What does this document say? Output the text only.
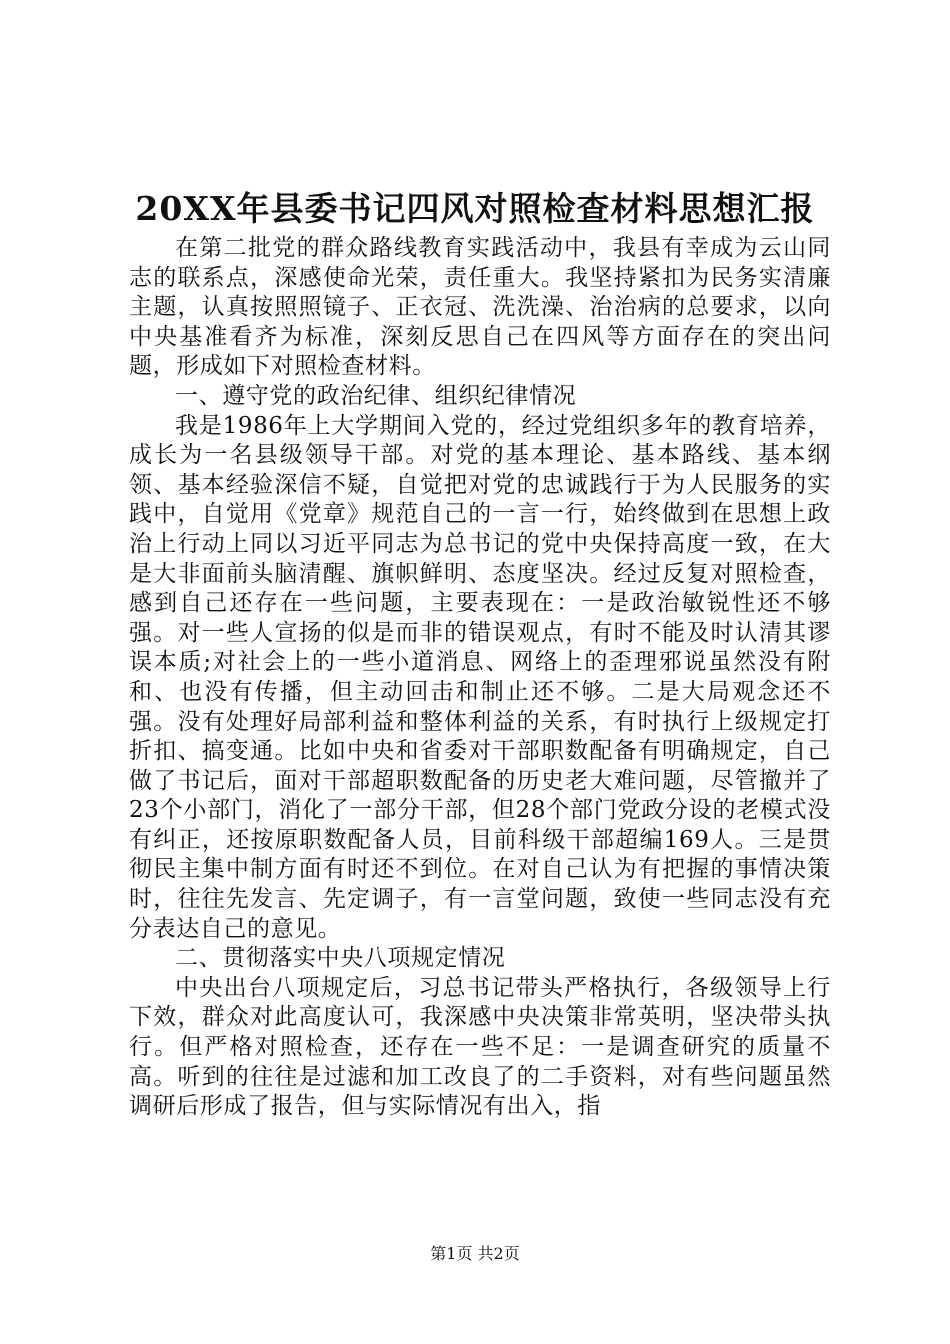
20XX年县委书记四风对照检查材料思想汇报

在第二批党的群众路线教育实践活动中，我县有幸成为云山同志的联系点，深感使命光荣，责任重大。我坚持紧扣为民务实清廉主题，认真按照照镜子、正衣冠、洗洗澡、治治病的总要求，以向中央基准看齐为标准，深刻反思自己在四风等方面存在的突出问题，形成如下对照检查材料。

一、遵守党的政治纪律、组织纪律情况

我是1986年上大学期间入党的，经过党组织多年的教育培养，成长为一名县级领导干部。对党的基本理论、基本路线、基本纲领、基本经验深信不疑，自觉把对党的忠诚践行于为人民服务的实践中，自觉用《党章》规范自己的一言一行，始终做到在思想上政治上行动上同以习近平同志为总书记的党中央保持高度一致，在大是大非面前头脑清醒、旗帜鲜明、态度坚决。经过反复对照检查，感到自己还存在一些问题，主要表现在：一是政治敏锐性还不够强。对一些人宣扬的似是而非的错误观点，有时不能及时认清其谬误本质;对社会上的一些小道消息、网络上的歪理邪说虽然没有附和、也没有传播，但主动回击和制止还不够。二是大局观念还不强。没有处理好局部利益和整体利益的关系，有时执行上级规定打折扣、搞变通。比如中央和省委对干部职数配备有明确规定，自己做了书记后，面对干部超职数配备的历史老大难问题，尽管撤并了23个小部门，消化了一部分干部，但28个部门党政分设的老模式没有纠正，还按原职数配备人员，目前科级干部超编169人。三是贯彻民主集中制方面有时还不到位。在对自己认为有把握的事情决策时，往往先发言、先定调子，有一言堂问题，致使一些同志没有充分表达自己的意见。

二、贯彻落实中央八项规定情况

中央出台八项规定后，习总书记带头严格执行，各级领导上行下效，群众对此高度认可，我深感中央决策非常英明，坚决带头执行。但严格对照检查，还存在一些不足：一是调查研究的质量不高。听到的往往是过滤和加工改良了的二手资料，对有些问题虽然调研后形成了报告，但与实际情况有出入，指

第1页 共2页
